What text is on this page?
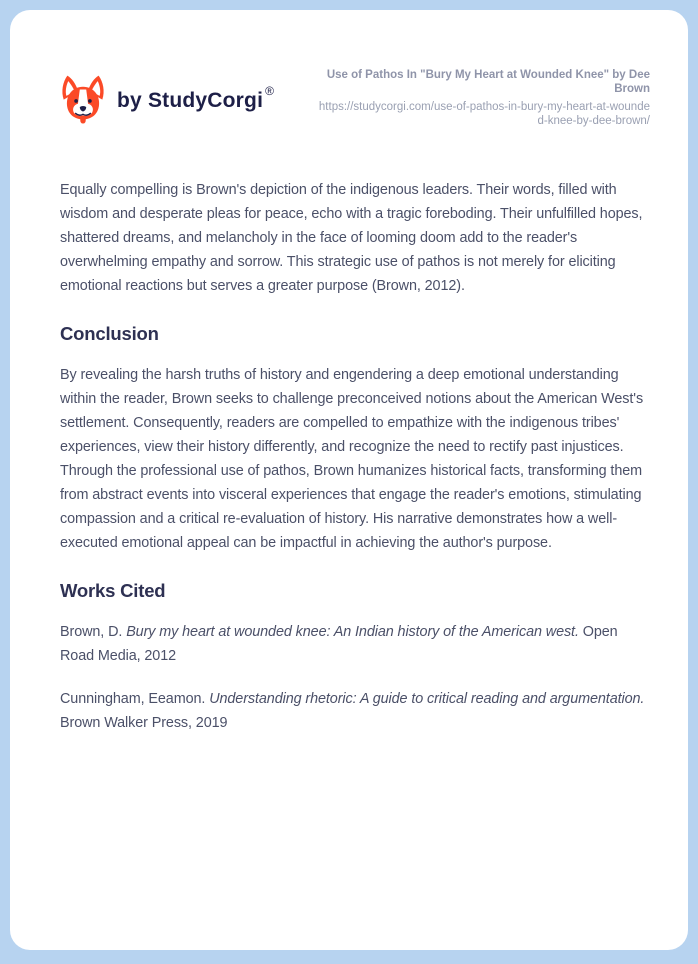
by StudyCorgi ®
Use of Pathos In "Bury My Heart at Wounded Knee" by Dee Brown
https://studycorgi.com/use-of-pathos-in-bury-my-heart-at-wounded-knee-by-dee-brown/

Equally compelling is Brown's depiction of the indigenous leaders. Their words, filled with wisdom and desperate pleas for peace, echo with a tragic foreboding. Their unfulfilled hopes, shattered dreams, and melancholy in the face of looming doom add to the reader's overwhelming empathy and sorrow. This strategic use of pathos is not merely for eliciting emotional reactions but serves a greater purpose (Brown, 2012).

Conclusion

By revealing the harsh truths of history and engendering a deep emotional understanding within the reader, Brown seeks to challenge preconceived notions about the American West's settlement. Consequently, readers are compelled to empathize with the indigenous tribes' experiences, view their history differently, and recognize the need to rectify past injustices. Through the professional use of pathos, Brown humanizes historical facts, transforming them from abstract events into visceral experiences that engage the reader's emotions, stimulating compassion and a critical re-evaluation of history. His narrative demonstrates how a well-executed emotional appeal can be impactful in achieving the author's purpose.

Works Cited

Brown, D. Bury my heart at wounded knee: An Indian history of the American west. Open Road Media, 2012

Cunningham, Eeamon. Understanding rhetoric: A guide to critical reading and argumentation. Brown Walker Press, 2019
